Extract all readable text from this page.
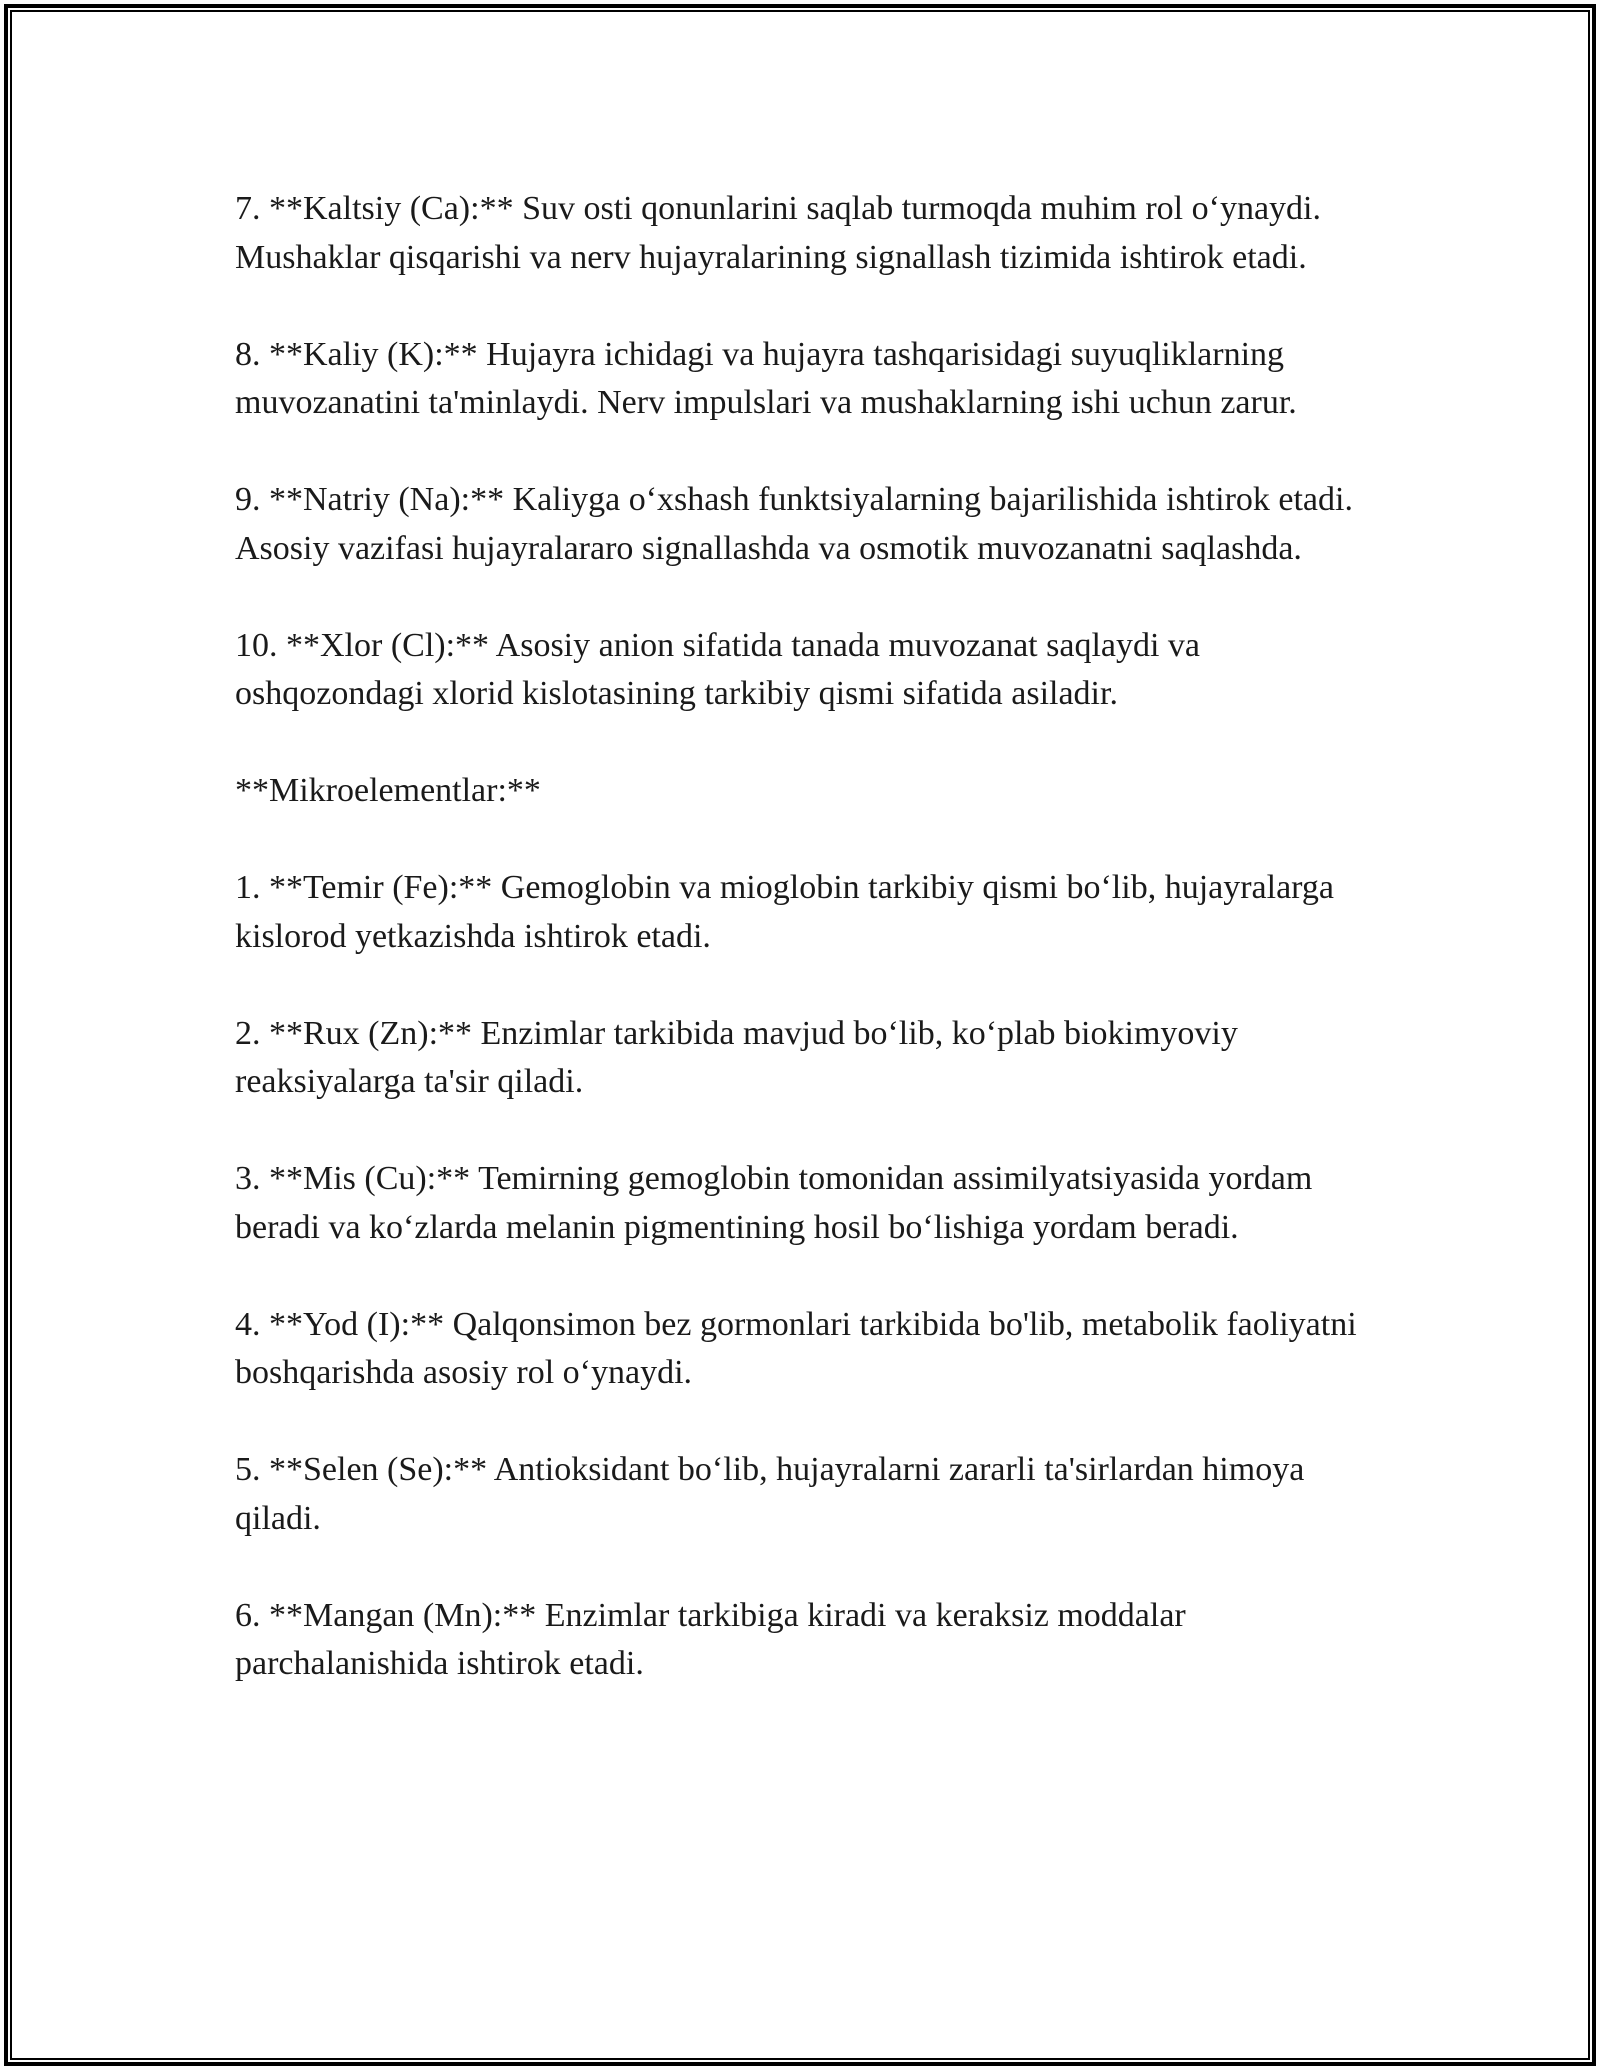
7. **Kaltsiy (Ca):** Suv osti qonunlarini saqlab turmoqda muhim rol o‘ynaydi. Mushaklar qisqarishi va nerv hujayralarining signallash tizimida ishtirok etadi.

8. **Kaliy (K):** Hujayra ichidagi va hujayra tashqarisidagi suyuqliklarning muvozanatini ta'minlaydi. Nerv impulslari va mushaklarning ishi uchun zarur.

9. **Natriy (Na):** Kaliyga o‘xshash funktsiyalarning bajarilishida ishtirok etadi. Asosiy vazifasi hujayralararo signallashda va osmotik muvozanatni saqlashda.

10. **Xlor (Cl):** Asosiy anion sifatida tanada muvozanat saqlaydi va oshqozondagi xlorid kislotasining tarkibiy qismi sifatida asiladir.

**Mikroelementlar:**

1. **Temir (Fe):** Gemoglobin va mioglobin tarkibiy qismi bo‘lib, hujayralarga kislorod yetkazishda ishtirok etadi.

2. **Rux (Zn):** Enzimlar tarkibida mavjud bo‘lib, ko‘plab biokimyoviy reaksiyalarga ta'sir qiladi.

3. **Mis (Cu):** Temirning gemoglobin tomonidan assimilyatsiyasida yordam beradi va ko‘zlarda melanin pigmentining hosil bo‘lishiga yordam beradi.

4. **Yod (I):** Qalqonsimon bez gormonlari tarkibida bo'lib, metabolik faoliyatni boshqarishda asosiy rol o‘ynaydi.

5. **Selen (Se):** Antioksidant bo‘lib, hujayralarni zararli ta'sirlardan himoya qiladi.

6. **Mangan (Mn):** Enzimlar tarkibiga kiradi va keraksiz moddalar parchalanishida ishtirok etadi.
